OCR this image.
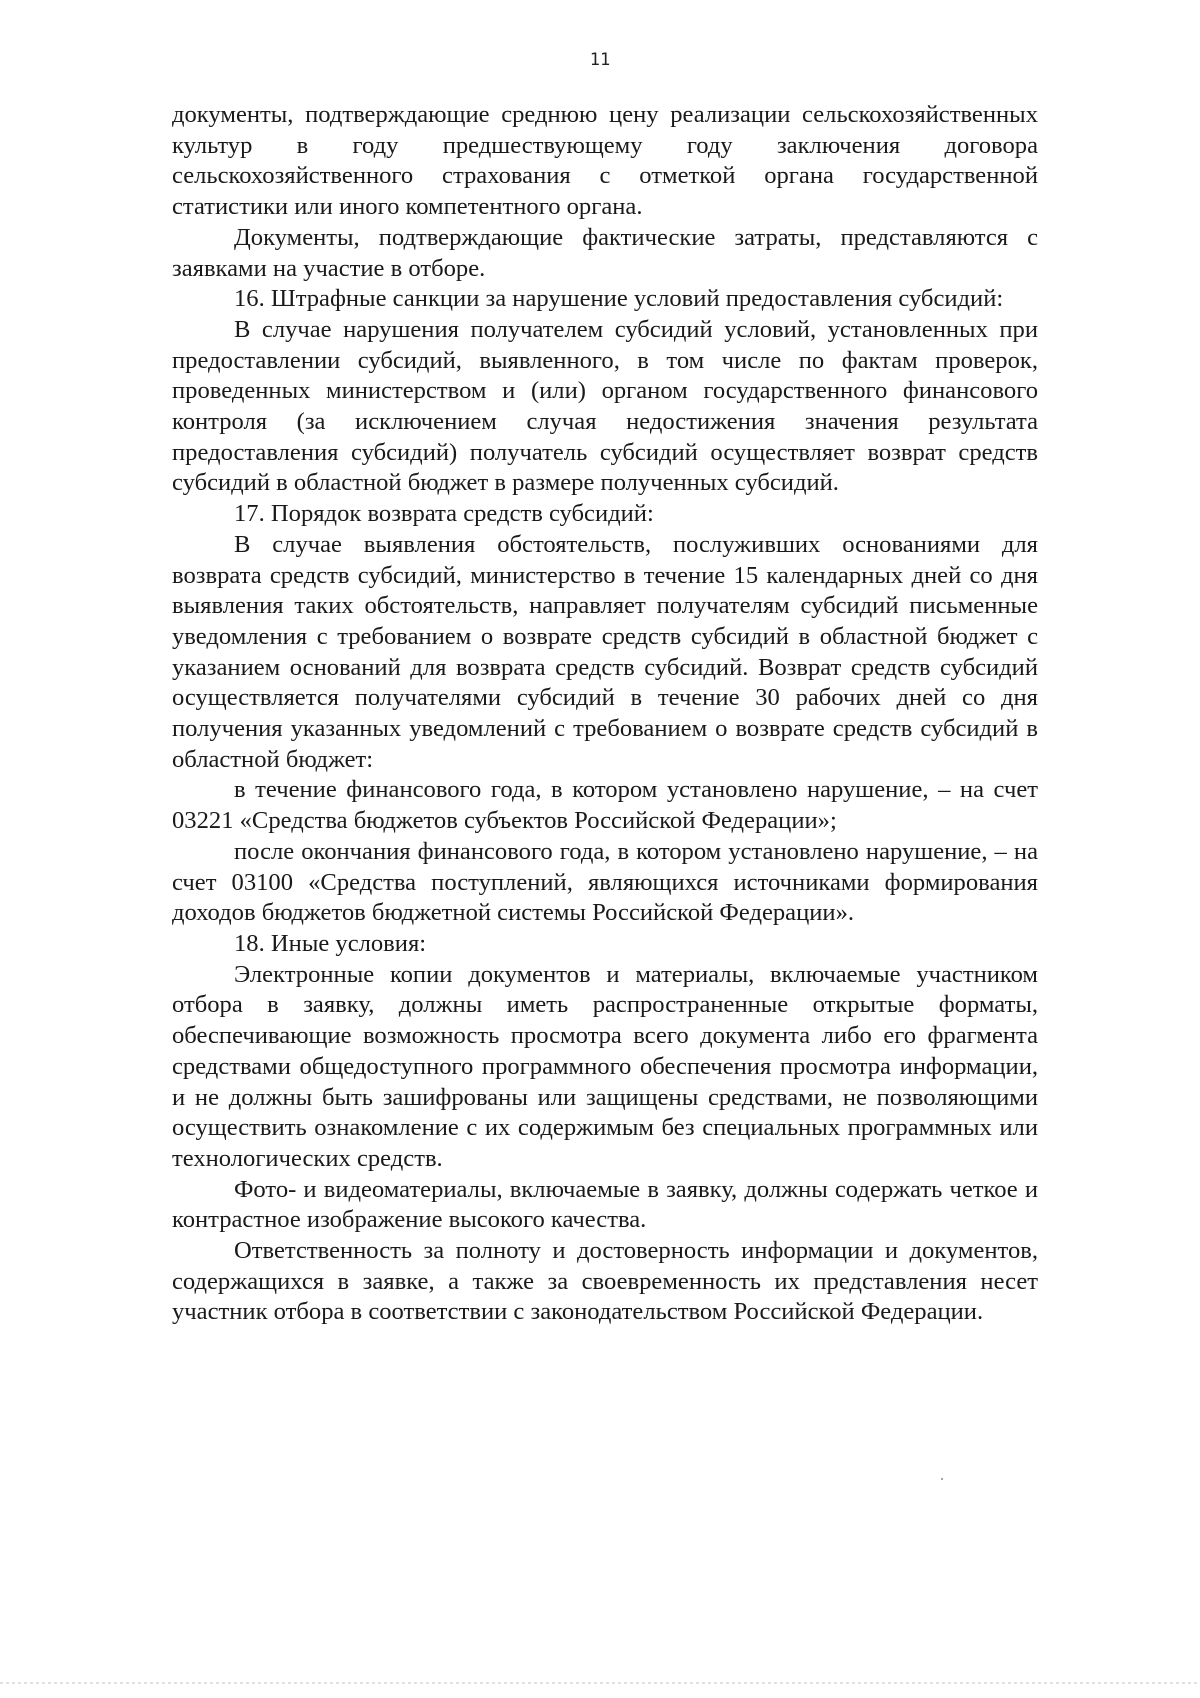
11

документы, подтверждающие среднюю цену реализации сельскохозяйственных культур в году предшествующему году заключения договора сельскохозяйственного страхования с отметкой органа государственной статистики или иного компетентного органа.

Документы, подтверждающие фактические затраты, представляются с заявками на участие в отборе.

16. Штрафные санкции за нарушение условий предоставления субсидий:

В случае нарушения получателем субсидий условий, установленных при предоставлении субсидий, выявленного, в том числе по фактам проверок, проведенных министерством и (или) органом государственного финансового контроля (за исключением случая недостижения значения результата предоставления субсидий) получатель субсидий осуществляет возврат средств субсидий в областной бюджет в размере полученных субсидий.

17. Порядок возврата средств субсидий:

В случае выявления обстоятельств, послуживших основаниями для возврата средств субсидий, министерство в течение 15 календарных дней со дня выявления таких обстоятельств, направляет получателям субсидий письменные уведомления с требованием о возврате средств субсидий в областной бюджет с указанием оснований для возврата средств субсидий. Возврат средств субсидий осуществляется получателями субсидий в течение 30 рабочих дней со дня получения указанных уведомлений с требованием о возврате средств субсидий в областной бюджет:

в течение финансового года, в котором установлено нарушение, – на счет 03221 «Средства бюджетов субъектов Российской Федерации»;

после окончания финансового года, в котором установлено нарушение, – на счет 03100 «Средства поступлений, являющихся источниками формирования доходов бюджетов бюджетной системы Российской Федерации».

18. Иные условия:

Электронные копии документов и материалы, включаемые участником отбора в заявку, должны иметь распространенные открытые форматы, обеспечивающие возможность просмотра всего документа либо его фрагмента средствами общедоступного программного обеспечения просмотра информации, и не должны быть зашифрованы или защищены средствами, не позволяющими осуществить ознакомление с их содержимым без специальных программных или технологических средств.

Фото- и видеоматериалы, включаемые в заявку, должны содержать четкое и контрастное изображение высокого качества.

Ответственность за полноту и достоверность информации и документов, содержащихся в заявке, а также за своевременность их представления несет участник отбора в соответствии с законодательством Российской Федерации.
